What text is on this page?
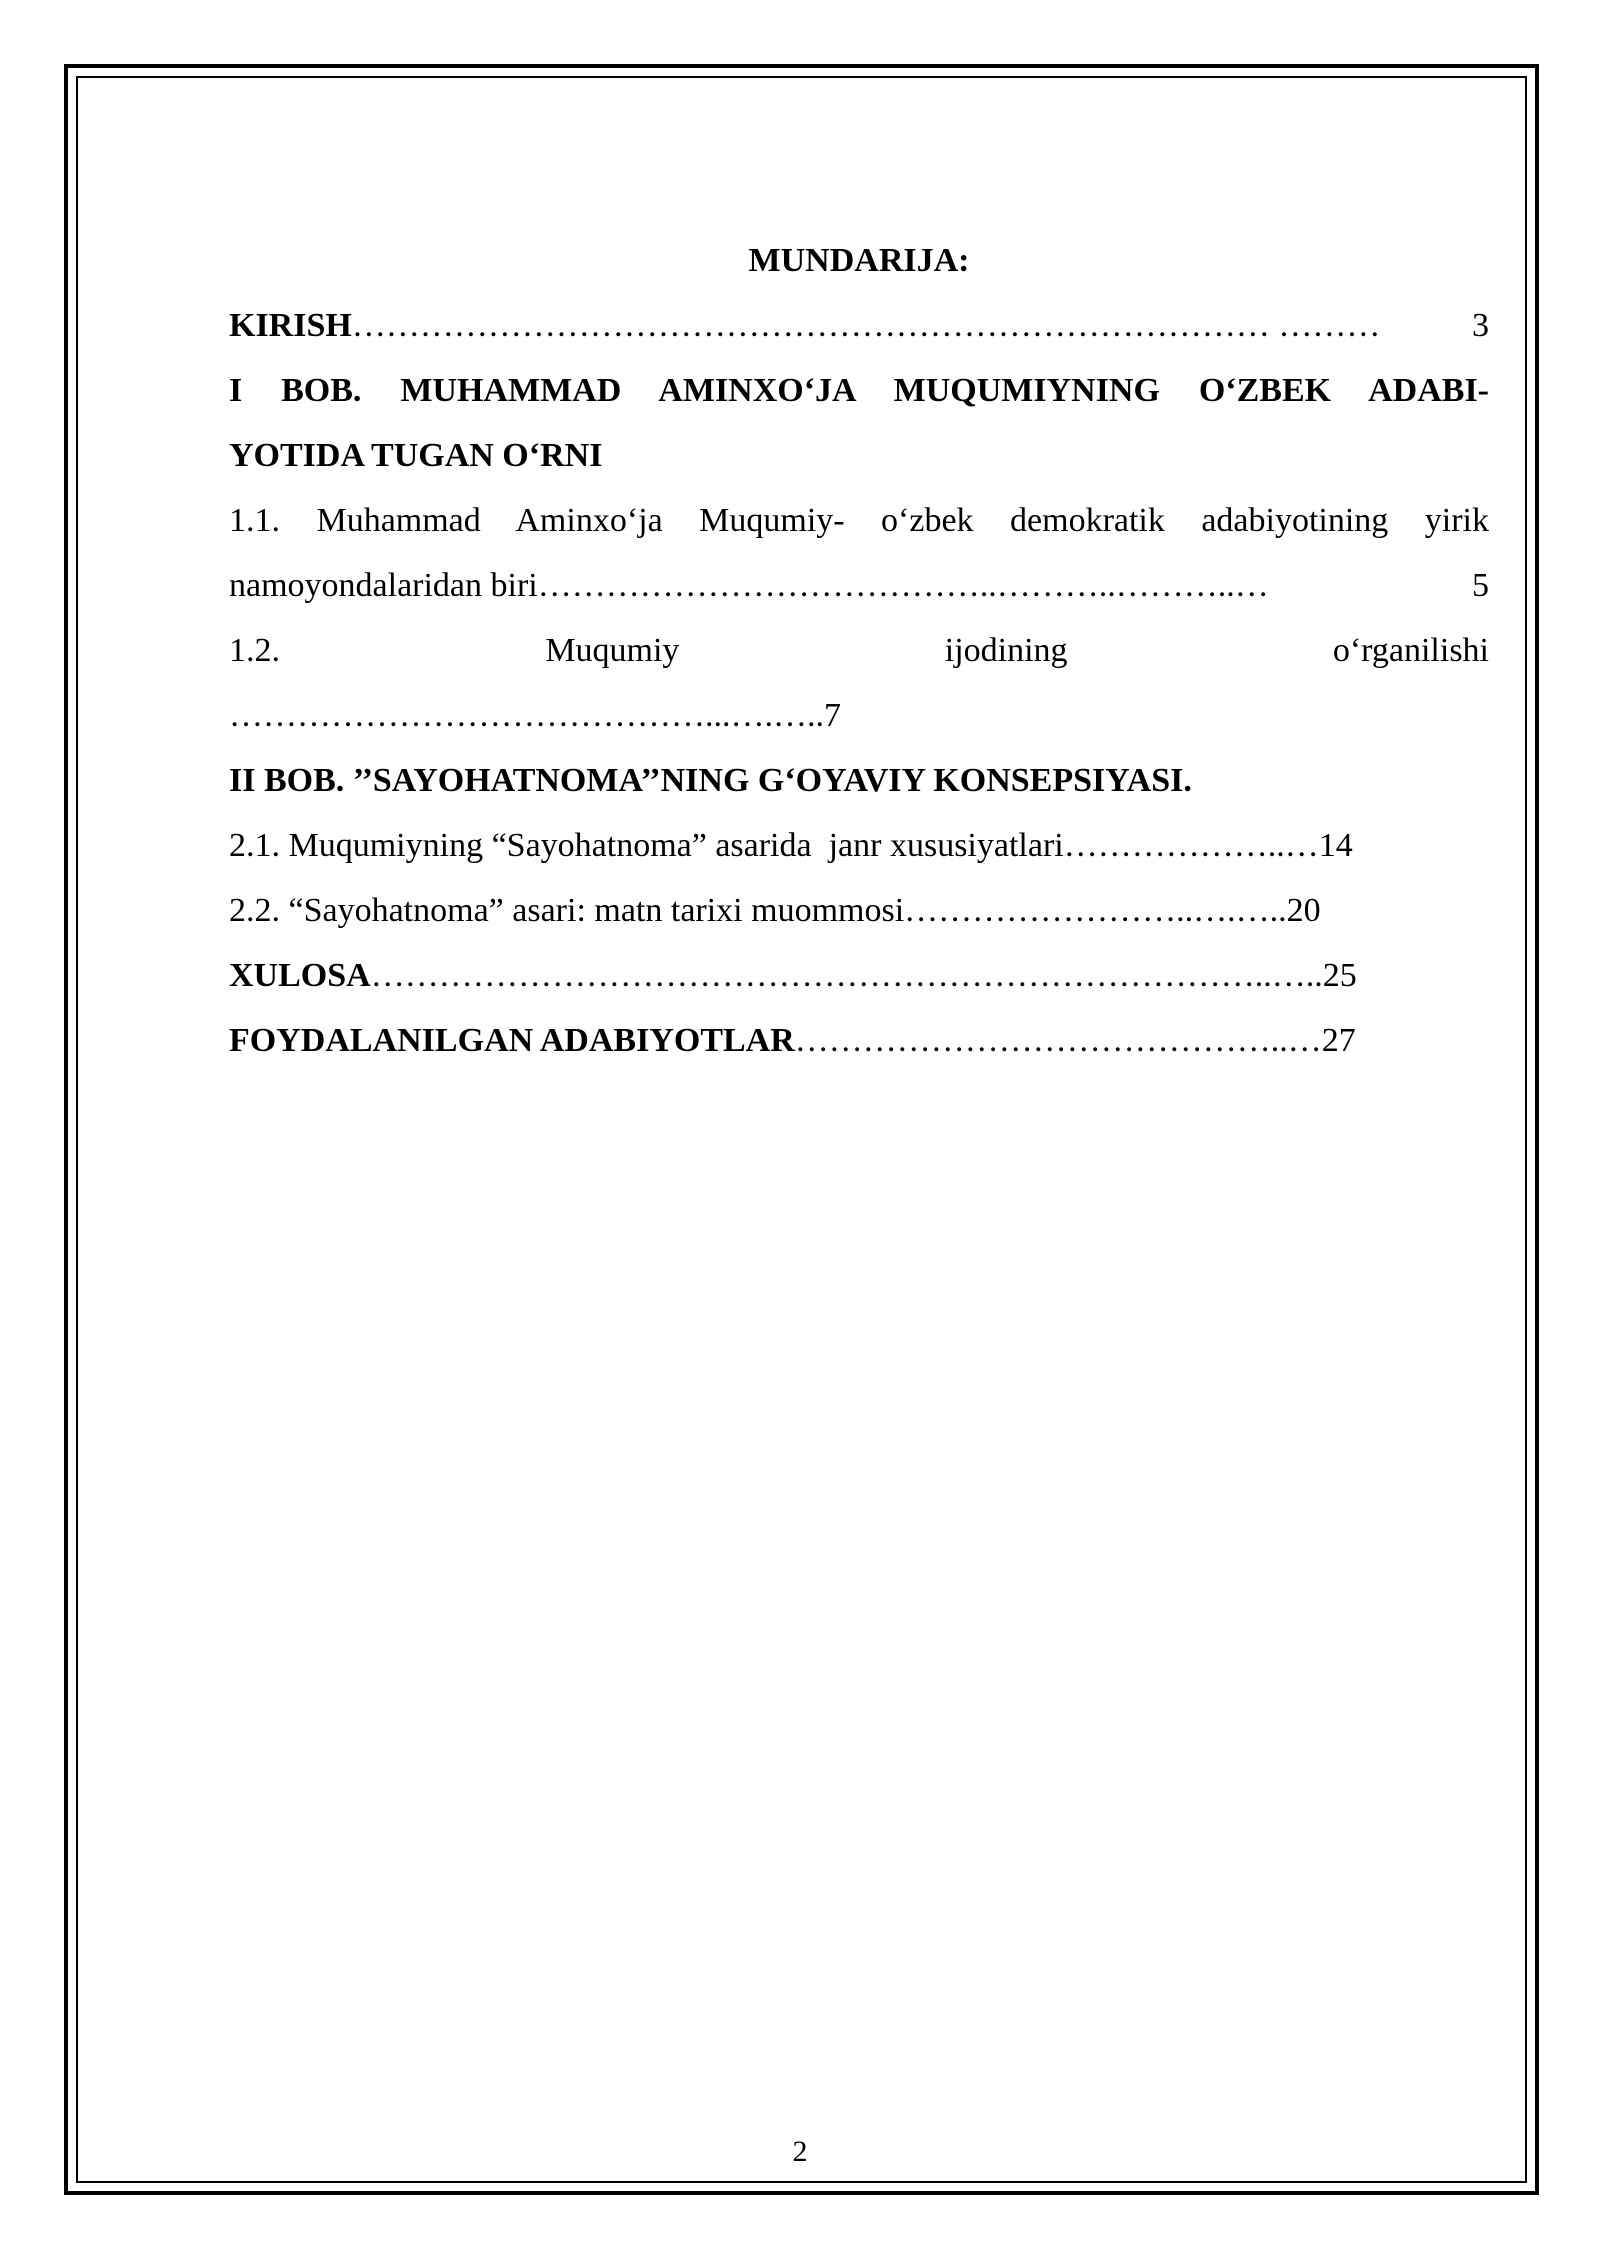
MUNDARIJA:
KIRISH ……………………………………………………………………… ………	3
I BOB. MUHAMMAD AMINXO‘JA MUQUMIYNING O‘ZBEK ADABI-
YOTIDA TUGAN O‘RNI
1.1. Muhammad Aminxo‘ja Muqumiy- o‘zbek demokratik adabiyotining yirik
namoyondalaridan biri …………………………………..………..………..…	5
1.2.	Muqumiy	ijodining	o‘rganilishi
……………………………………...….…..7
II BOB. ’’SAYOHATNOMA’’NING G‘OYAVIY KONSEPSIYASI.
2.1. Muqumiyning “Sayohatnoma” asarida  janr xususiyatlari………………..…14
2.2. “Sayohatnoma” asari: matn tarixi muommosi……………………..….…..20
XULOSA……………………………………………………………………..…..25
FOYDALANILGAN ADABIYOTLAR……………………………………..…27
2
